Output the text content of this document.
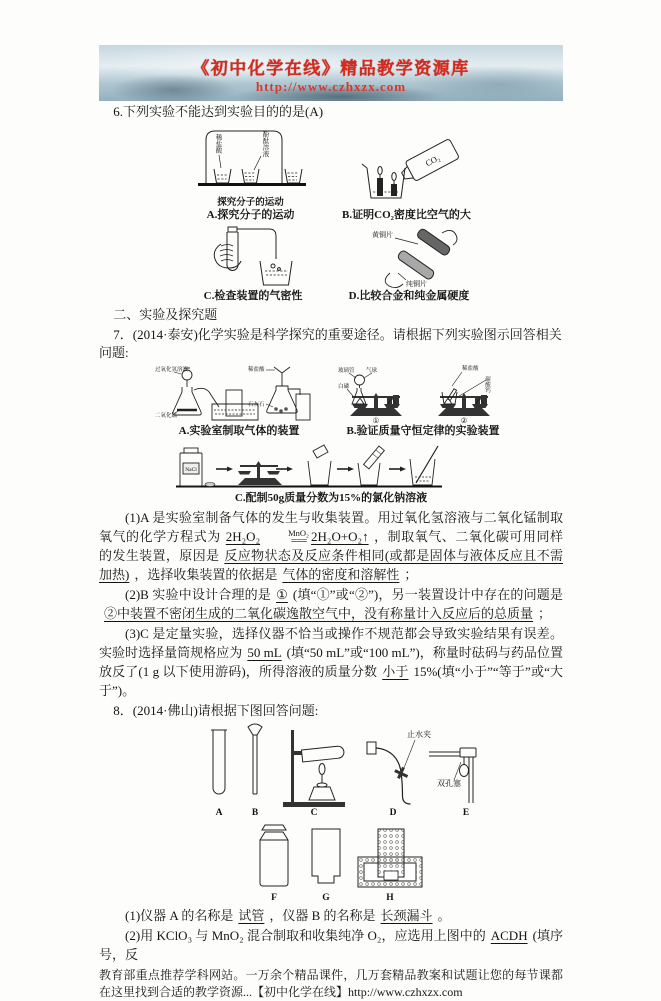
《初中化学在线》精品教学资源库
http://www.czhxzx.com

6.下列实验不能达到实验目的的是(A)

稀盐酸	酚酞溶液
探究分子的运动
A.探究分子的运动
CO₂
B.证明CO₂密度比空气的大
C.检查装置的气密性
黄铜片
纯铜片
D.比较合金和纯金属硬度

二、实验及探究题

7．(2014·泰安)化学实验是科学探究的重要途径。请根据下列实验图示回答相关问题:

过氧化氢溶液
二氧化锰
稀盐酸
石灰石
A.实验室制取气体的装置
玻璃管 气球
白磷
稀盐酸
碳酸钙
①	②
B.验证质量守恒定律的实验装置
NaCl
C.配制50g质量分数为15%的氯化钠溶液

(1)A 是实验室制备气体的发生与收集装置。用过氧化氢溶液与二氧化锰制取氧气的化学方程式为 2H₂O₂	MnO₂
=== 2H₂O+O₂↑ ，制取氧气、二氧化碳可用同样的发生装置，原因是 反应物状态及反应条件相同(或都是固体与液体反应且不需加热) ，选择收集装置的依据是 气体的密度和溶解性 ；

(2)B 实验中设计合理的是 ① (填“①”或“②”)，另一装置设计中存在的问题是②中装置不密闭生成的二氧化碳逸散空气中，没有称量计入反应后的总质量 ；

(3)C 是定量实验，选择仪器不恰当或操作不规范都会导致实验结果有误差。实验时选择量筒规格应为 50 mL (填“50 mL”或“100 mL”)，称量时砝码与药品位置放反了(1 g 以下使用游码)，所得溶液的质量分数 小于 15%(填“小于”“等于”或“大于”)。

8．(2014·佛山)请根据下图回答问题:

止水夹
双孔塞
A	B	C	D	E
F	G	H

(1)仪器 A 的名称是 试管 ，仪器 B 的名称是 长颈漏斗 。

(2)用 KClO₃ 与 MnO₂ 混合制取和收集纯净 O₂，应选用上图中的 ACDH (填序号，反

教育部重点推荐学科网站。一万余个精品课件，几万套精品教案和试题让您的每节课都在这里找到合适的教学资源...【初中化学在线】http://www.czhxzx.com
